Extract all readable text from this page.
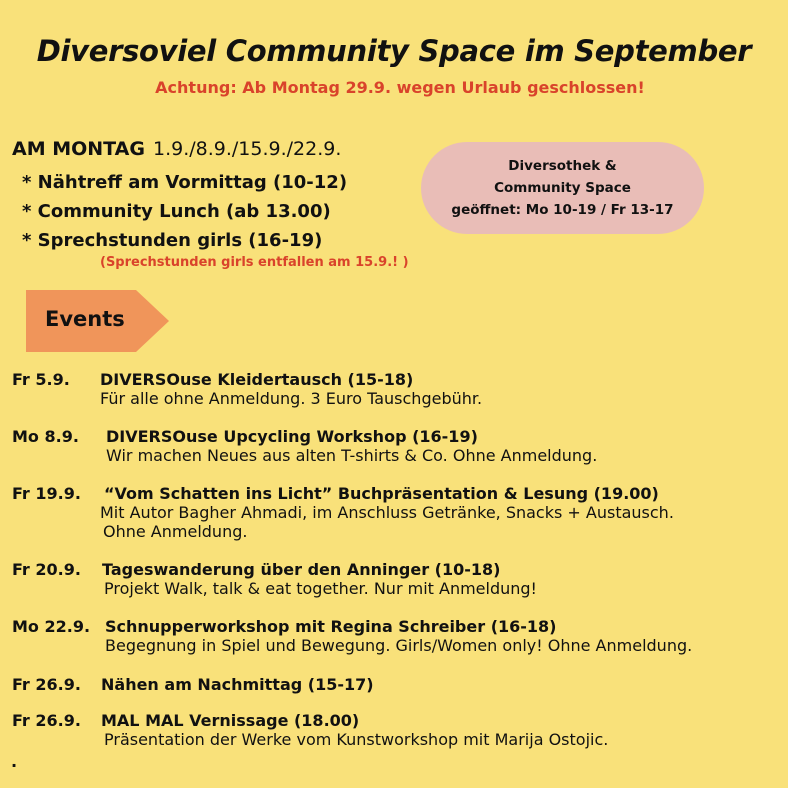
Diversoviel Community Space im September
Achtung: Ab Montag 29.9. wegen Urlaub geschlossen!
AM MONTAG 1.9./8.9./15.9./22.9.
* Nähtreff am Vormittag (10-12)
* Community Lunch (ab 13.00)
* Sprechstunden girls (16-19)
(Sprechstunden girls entfallen am 15.9.! )
Diversothek &
Community Space
geöffnet: Mo 10-19 / Fr 13-17
Events
Fr 5.9. DIVERSOuse Kleidertausch (15-18)
Für alle ohne Anmeldung. 3 Euro Tauschgebühr.
Mo 8.9. DIVERSOuse Upcycling Workshop (16-19)
Wir machen Neues aus alten T-shirts & Co. Ohne Anmeldung.
Fr 19.9. “Vom Schatten ins Licht” Buchpräsentation & Lesung (19.00)
Mit Autor Bagher Ahmadi, im Anschluss Getränke, Snacks + Austausch.
Ohne Anmeldung.
Fr 20.9. Tageswanderung über den Anninger (10-18)
Projekt Walk, talk & eat together. Nur mit Anmeldung!
Mo 22.9. Schnupperworkshop mit Regina Schreiber (16-18)
Begegnung in Spiel und Bewegung. Girls/Women only! Ohne Anmeldung.
Fr 26.9. Nähen am Nachmittag (15-17)
Fr 26.9. MAL MAL Vernissage (18.00)
Präsentation der Werke vom Kunstworkshop mit Marija Ostojic.
.
